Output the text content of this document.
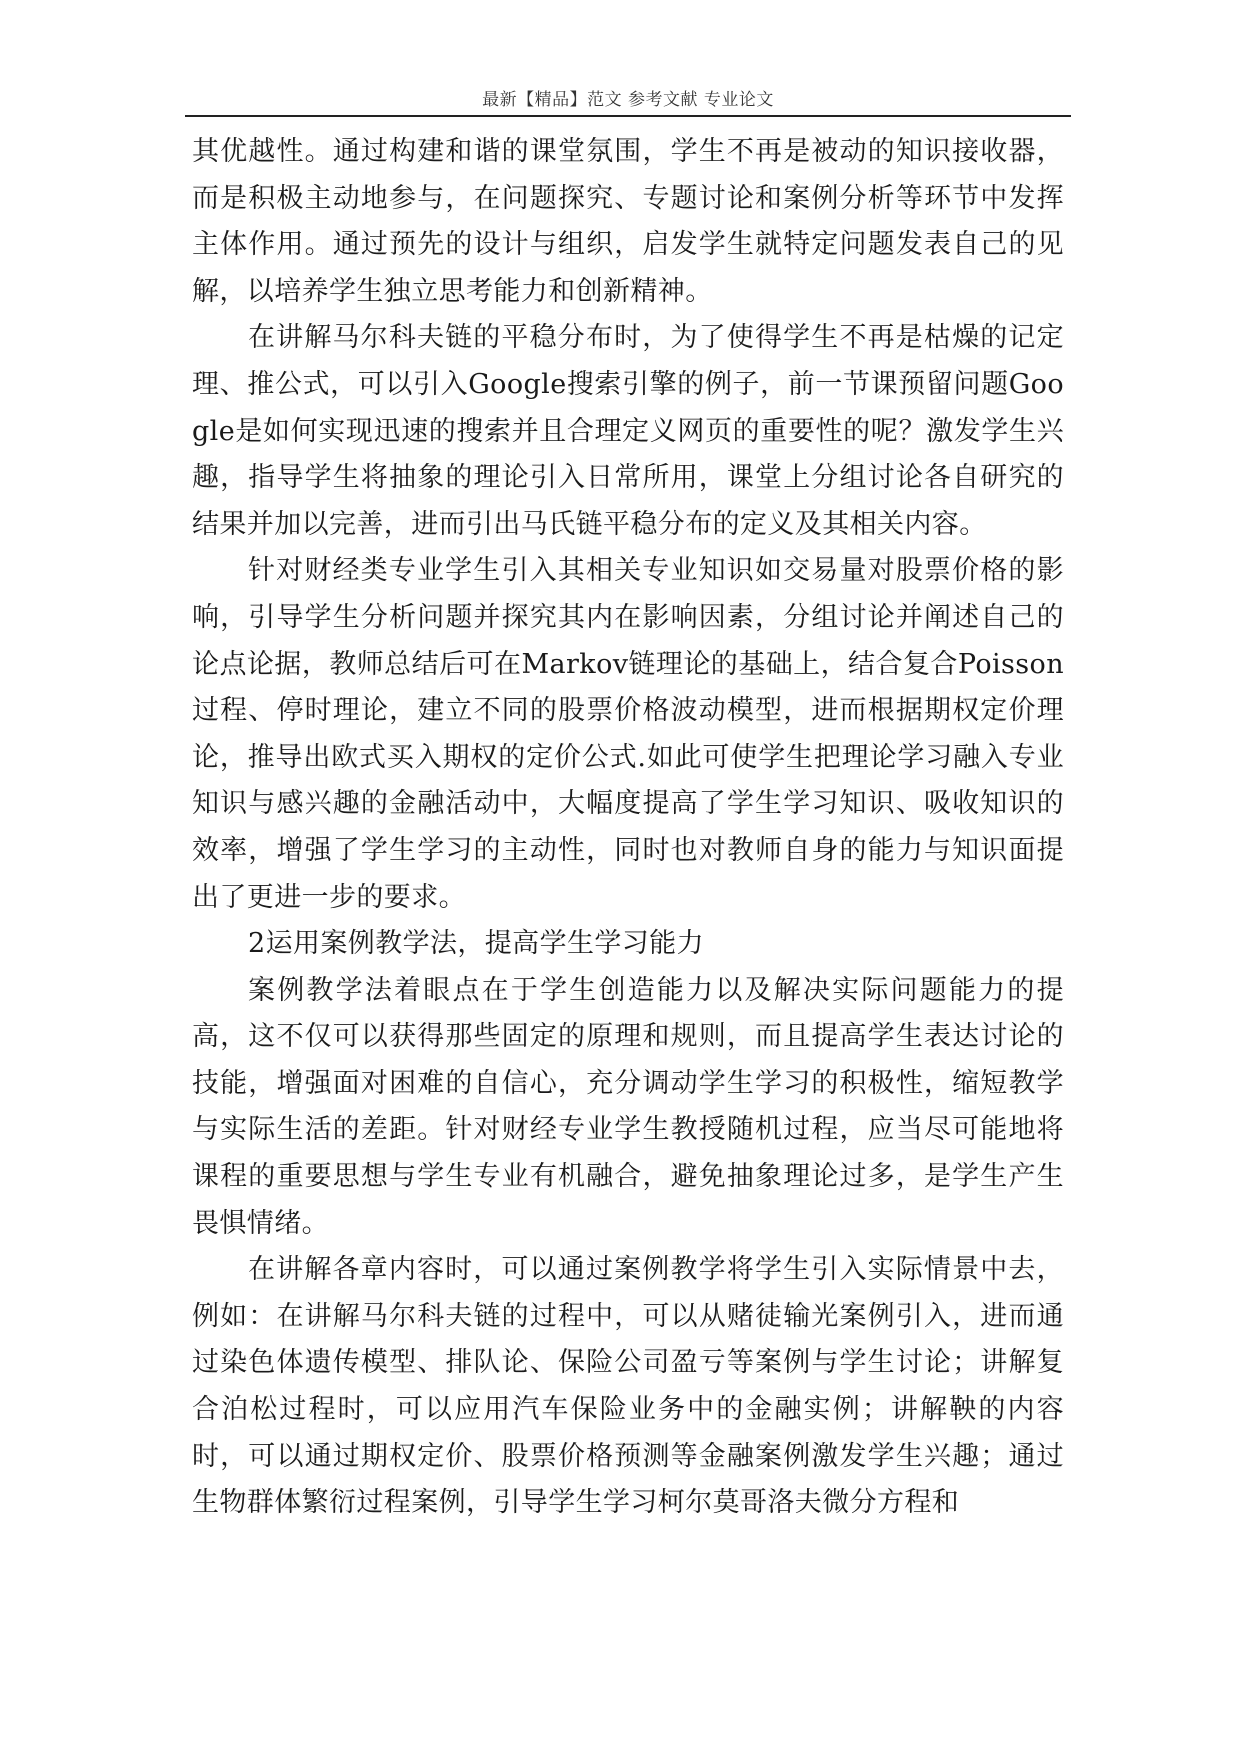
最新【精品】范文 参考文献 专业论文

其优越性。通过构建和谐的课堂氛围，学生不再是被动的知识接收器，而是积极主动地参与，在问题探究、专题讨论和案例分析等环节中发挥主体作用。通过预先的设计与组织，启发学生就特定问题发表自己的见解，以培养学生独立思考能力和创新精神。

在讲解马尔科夫链的平稳分布时，为了使得学生不再是枯燥的记定理、推公式，可以引入Google搜索引擎的例子，前一节课预留问题Google是如何实现迅速的搜索并且合理定义网页的重要性的呢？激发学生兴趣，指导学生将抽象的理论引入日常所用，课堂上分组讨论各自研究的结果并加以完善，进而引出马氏链平稳分布的定义及其相关内容。

针对财经类专业学生引入其相关专业知识如交易量对股票价格的影响，引导学生分析问题并探究其内在影响因素，分组讨论并阐述自己的论点论据，教师总结后可在Markov链理论的基础上，结合复合Poisson过程、停时理论，建立不同的股票价格波动模型，进而根据期权定价理论，推导出欧式买入期权的定价公式.如此可使学生把理论学习融入专业知识与感兴趣的金融活动中，大幅度提高了学生学习知识、吸收知识的效率，增强了学生学习的主动性，同时也对教师自身的能力与知识面提出了更进一步的要求。

2运用案例教学法，提高学生学习能力

案例教学法着眼点在于学生创造能力以及解决实际问题能力的提高，这不仅可以获得那些固定的原理和规则，而且提高学生表达讨论的技能，增强面对困难的自信心，充分调动学生学习的积极性，缩短教学与实际生活的差距。针对财经专业学生教授随机过程，应当尽可能地将课程的重要思想与学生专业有机融合，避免抽象理论过多，是学生产生畏惧情绪。

在讲解各章内容时，可以通过案例教学将学生引入实际情景中去，例如：在讲解马尔科夫链的过程中，可以从赌徒输光案例引入，进而通过染色体遗传模型、排队论、保险公司盈亏等案例与学生讨论；讲解复合泊松过程时，可以应用汽车保险业务中的金融实例；讲解鞅的内容时，可以通过期权定价、股票价格预测等金融案例激发学生兴趣；通过生物群体繁衍过程案例，引导学生学习柯尔莫哥洛夫微分方程和
